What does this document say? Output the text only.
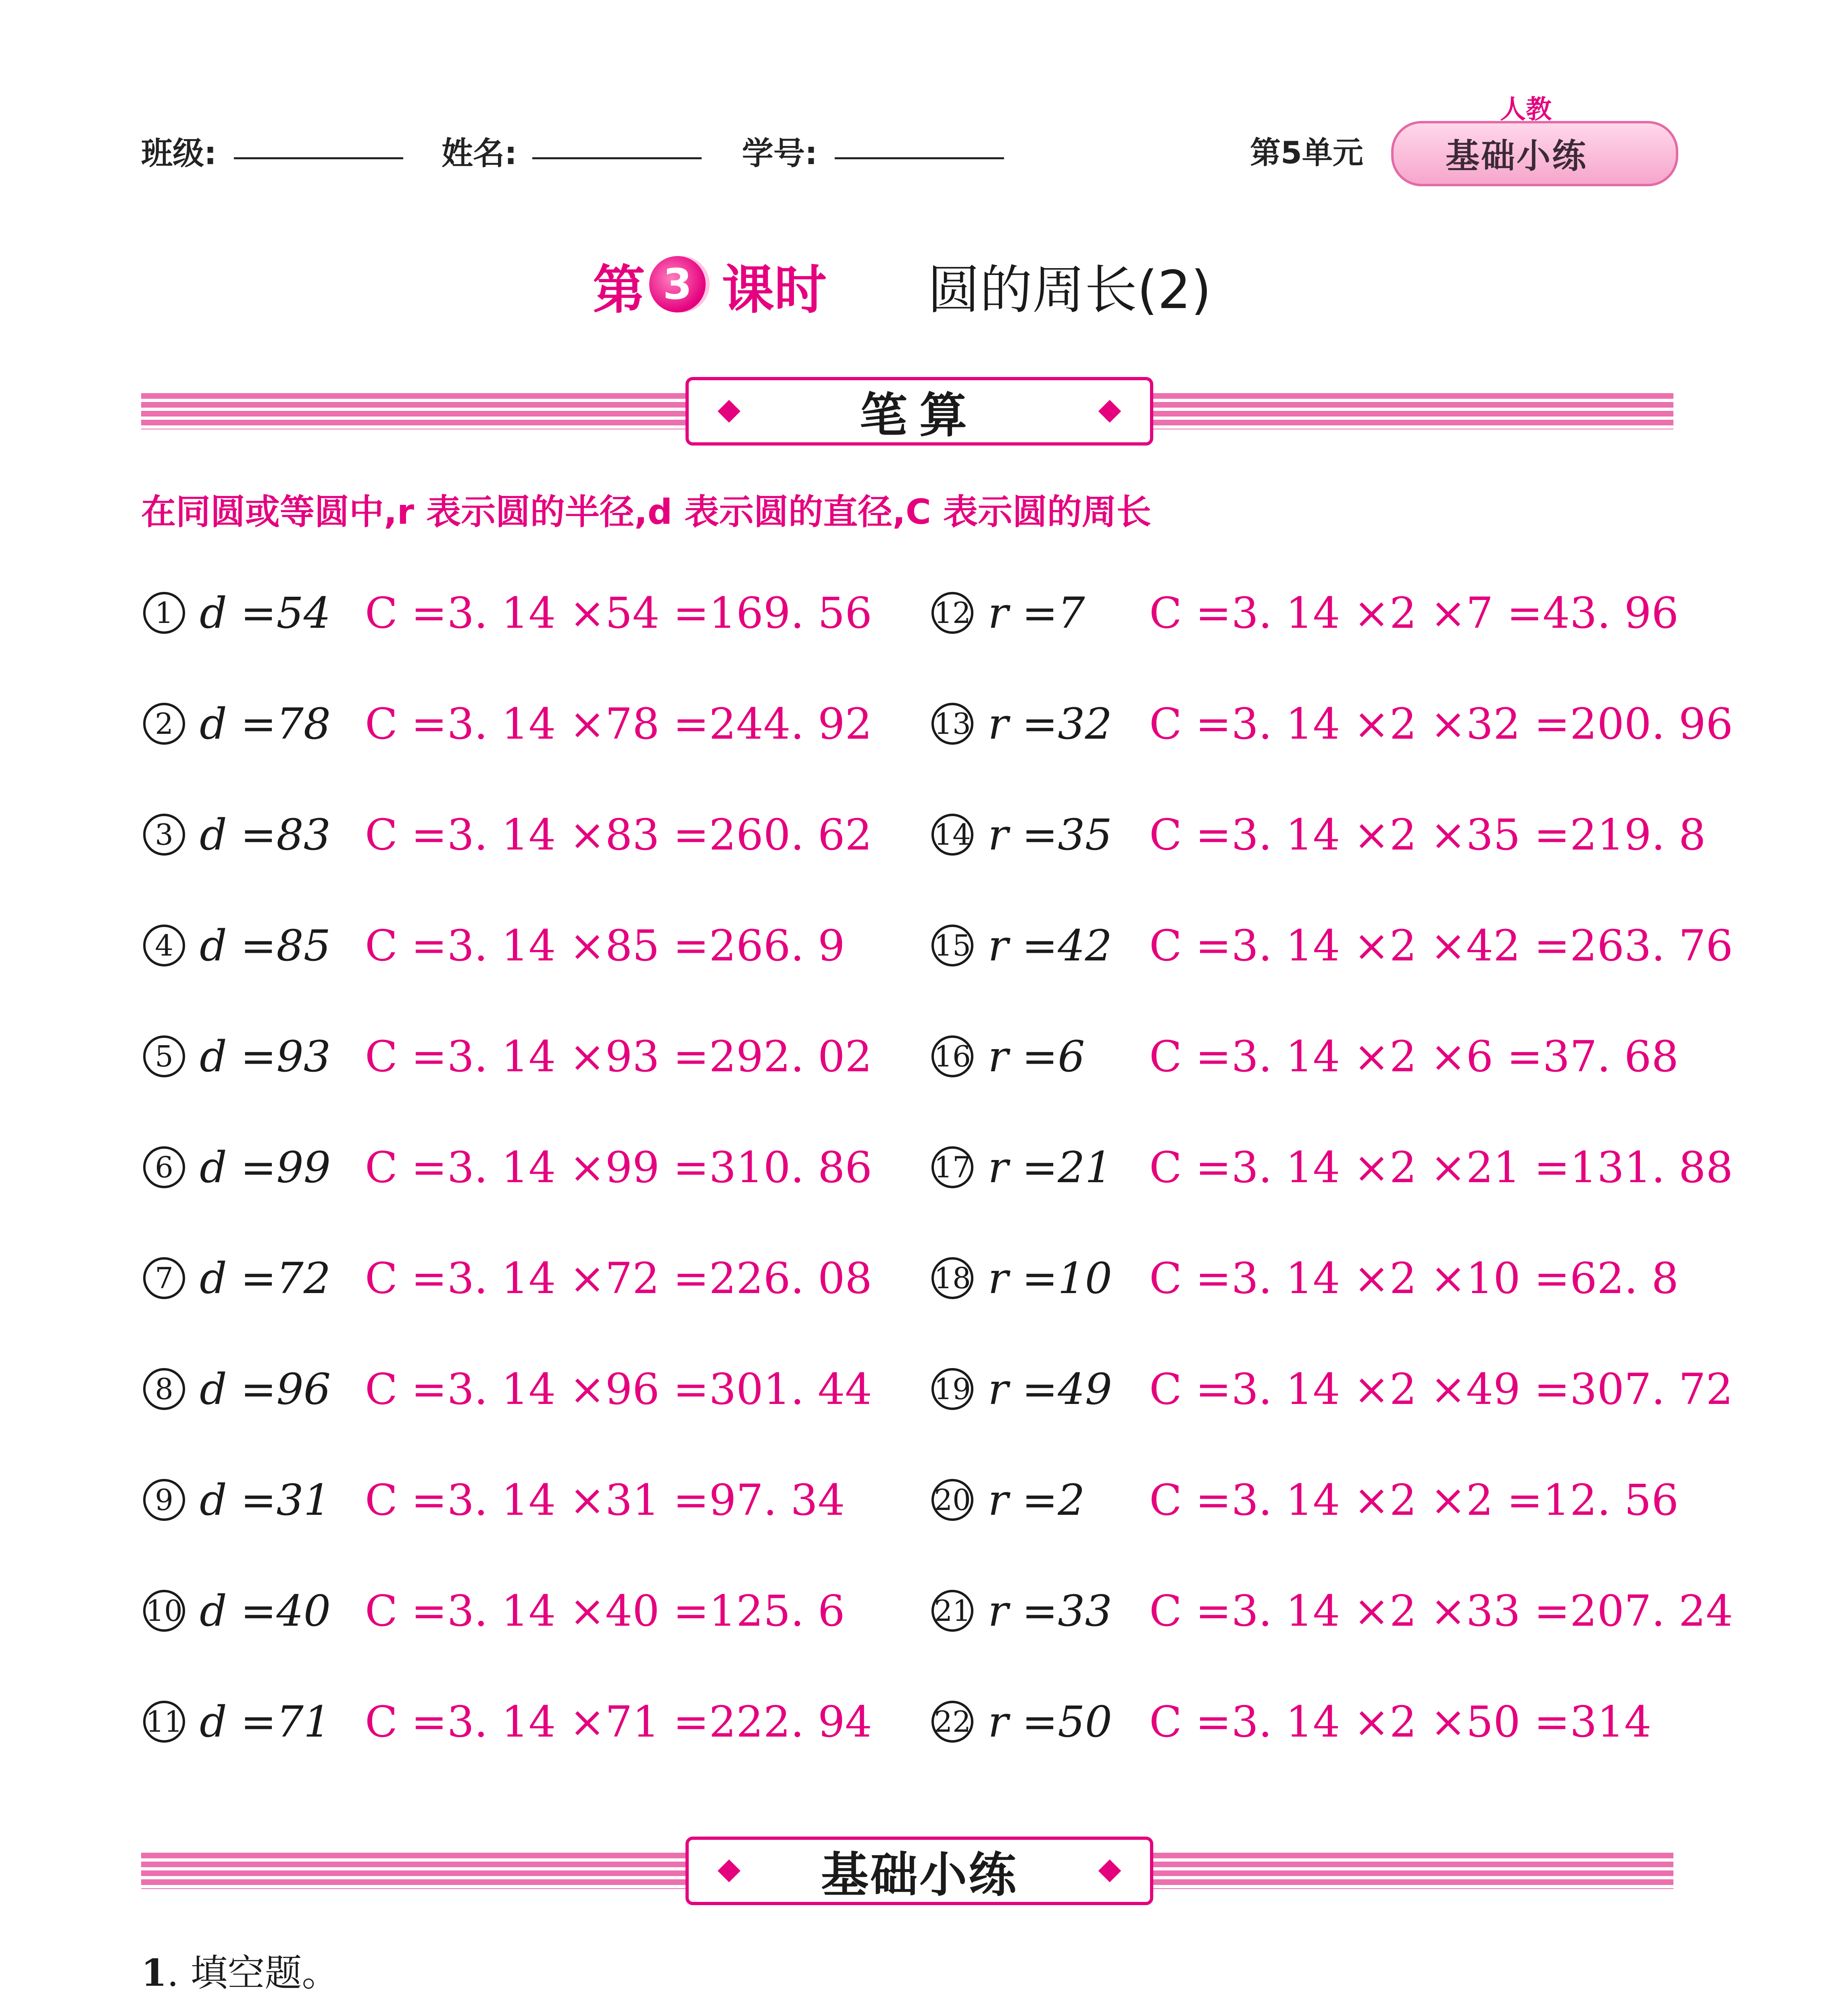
班级:	姓名:	学号:	第5单元
人教
基础小练
第 3 课时 圆的周长(2)
笔算
在同圆或等圆中,r 表示圆的半径,d 表示圆的直径,C 表示圆的周长
1 d =54 C =3. 14 ×54 =169. 56
2 d =78 C =3. 14 ×78 =244. 92
3 d =83 C =3. 14 ×83 =260. 62
4 d =85 C =3. 14 ×85 =266. 9
5 d =93 C =3. 14 ×93 =292. 02
6 d =99 C =3. 14 ×99 =310. 86
7 d =72 C =3. 14 ×72 =226. 08
8 d =96 C =3. 14 ×96 =301. 44
9 d =31 C =3. 14 ×31 =97. 34
10 d =40 C =3. 14 ×40 =125. 6
11 d =71 C =3. 14 ×71 =222. 94
12 r =7	C =3. 14 ×2 ×7 =43. 96
13 r =32 C =3. 14 ×2 ×32 =200. 96
14 r =35 C =3. 14 ×2 ×35 =219. 8
15 r =42 C =3. 14 ×2 ×42 =263. 76
16 r =6	C =3. 14 ×2 ×6 =37. 68
17 r =21 C =3. 14 ×2 ×21 =131. 88
18 r =10 C =3. 14 ×2 ×10 =62. 8
19 r =49 C =3. 14 ×2 ×49 =307. 72
20 r =2	C =3. 14 ×2 ×2 =12. 56
21 r =33 C =3. 14 ×2 ×33 =207. 24
22 r =50 C =3. 14 ×2 ×50 =314
基础小练
1. 填空题。
